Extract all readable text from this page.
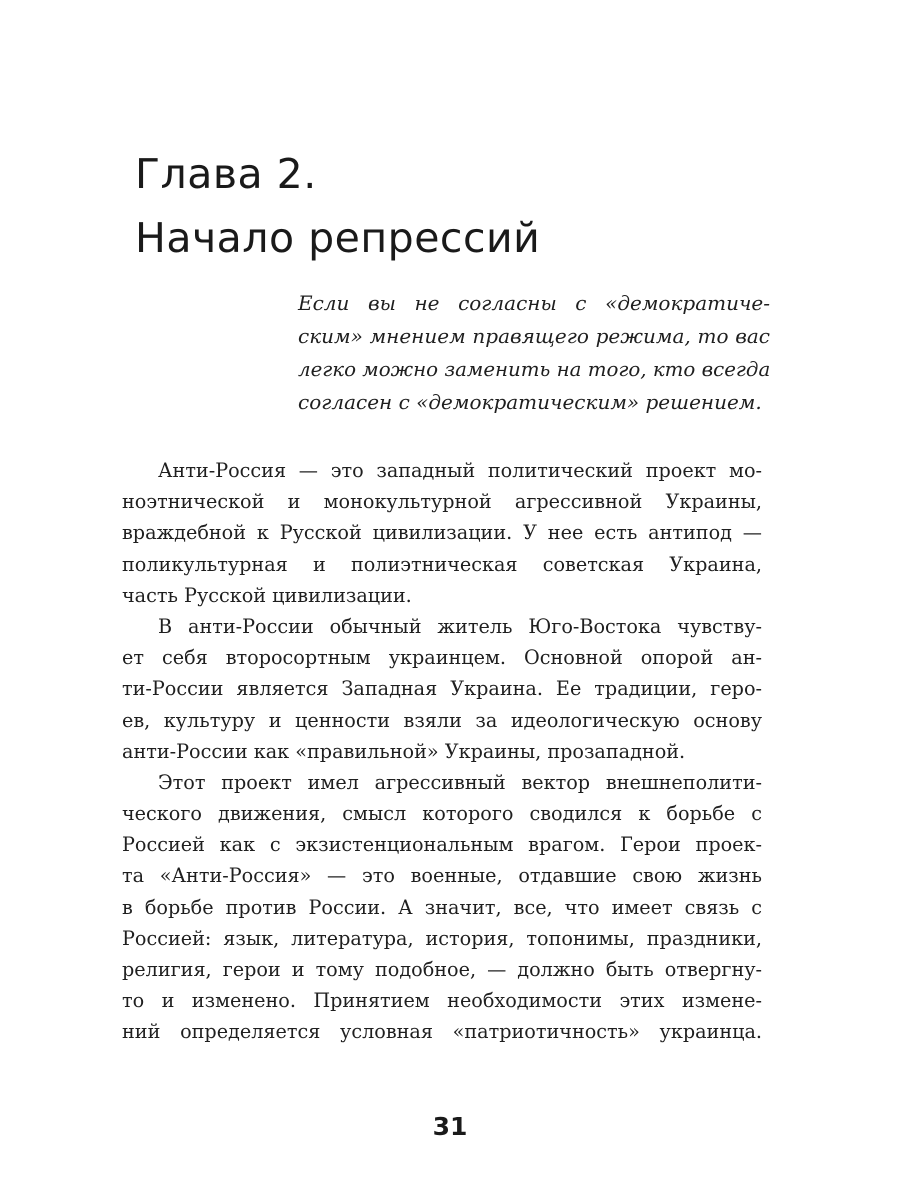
Глава 2.
Начало репрессий
Если вы не согласны с «демократиче-
ским» мнением правящего режима, то вас
легко можно заменить на того, кто всегда
согласен с «демократическим» решением.
Анти-Россия — это западный политический проект мо-
ноэтнической и монокультурной агрессивной Украины,
враждебной к Русской цивилизации. У нее есть антипод —
поликультурная и полиэтническая советская Украина,
часть Русской цивилизации.
В анти-России обычный житель Юго-Востока чувству-
ет себя второсортным украинцем. Основной опорой ан-
ти-России является Западная Украина. Ее традиции, геро-
ев, культуру и ценности взяли за идеологическую основу
анти-России как «правильной» Украины, прозападной.
Этот проект имел агрессивный вектор внешнеполити-
ческого движения, смысл которого сводился к борьбе с
Россией как с экзистенциональным врагом. Герои проек-
та «Анти-Россия» — это военные, отдавшие свою жизнь
в борьбе против России. А значит, все, что имеет связь с
Россией: язык, литература, история, топонимы, праздники,
религия, герои и тому подобное, — должно быть отвергну-
то и изменено. Принятием необходимости этих измене-
ний определяется условная «патриотичность» украинца.
31
